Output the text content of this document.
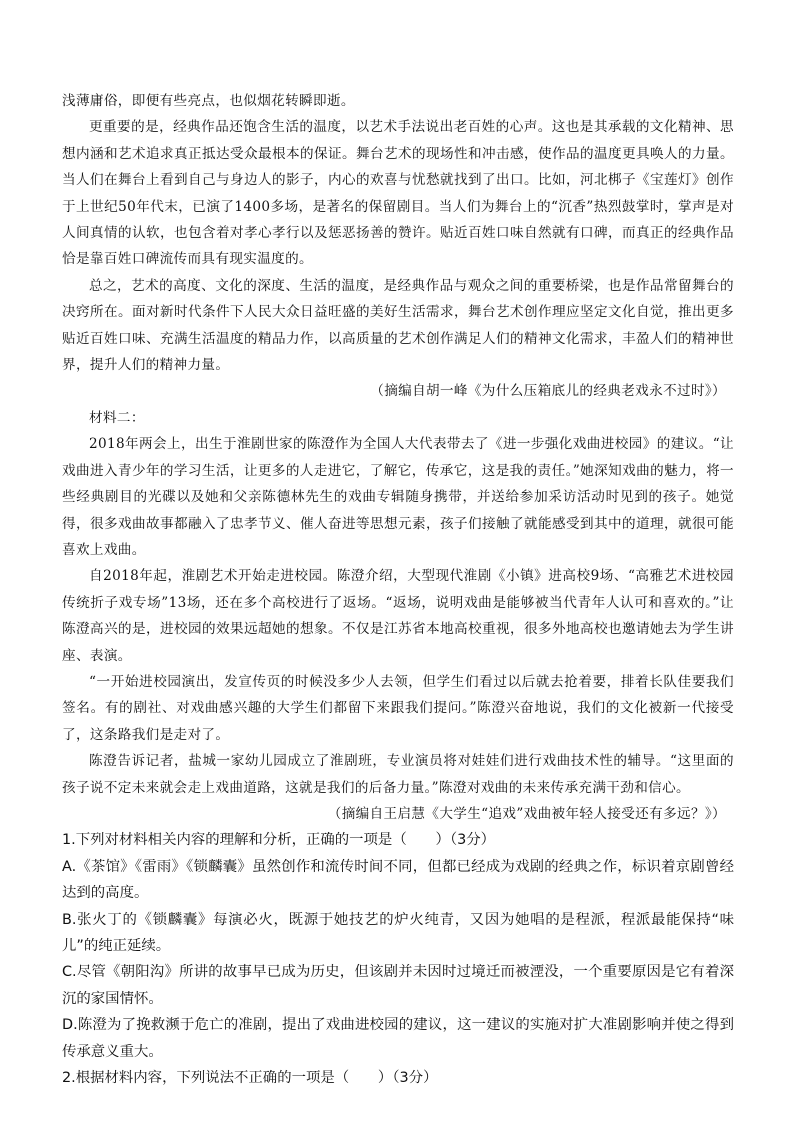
浅薄庸俗，即便有些亮点，也似烟花转瞬即逝。

更重要的是，经典作品还饱含生活的温度，以艺术手法说出老百姓的心声。这也是其承载的文化精神、思想内涵和艺术追求真正抵达受众最根本的保证。舞台艺术的现场性和冲击感，使作品的温度更具唤人的力量。当人们在舞台上看到自己与身边人的影子，内心的欢喜与忧愁就找到了出口。比如，河北梆子《宝莲灯》创作于上世纪50年代末，已演了1400多场，是著名的保留剧目。当人们为舞台上的“沉香”热烈鼓掌时，掌声是对人间真情的认软，也包含着对孝心孝行以及惩恶扬善的赞许。贴近百姓口味自然就有口碑，而真正的经典作品恰是靠百姓口碑流传而具有现实温度的。

总之，艺术的高度、文化的深度、生活的温度，是经典作品与观众之间的重要桥梁，也是作品常留舞台的决窍所在。面对新时代条件下人民大众日益旺盛的美好生活需求，舞台艺术创作理应坚定文化自觉，推出更多贴近百姓口味、充满生活温度的精品力作，以高质量的艺术创作满足人们的精神文化需求，丰盈人们的精神世界，提升人们的精神力量。

（摘编自胡一峰《为什么压箱底儿的经典老戏永不过时》）

材料二：

2018年两会上，出生于淮剧世家的陈澄作为全国人大代表带去了《进一步强化戏曲进校园》的建议。“让戏曲进入青少年的学习生活，让更多的人走进它，了解它，传承它，这是我的责任。”她深知戏曲的魅力，将一些经典剧目的光碟以及她和父亲陈德林先生的戏曲专辑随身携带，并送给参加采访活动时见到的孩子。她觉得，很多戏曲故事都融入了忠孝节义、催人奋进等思想元素，孩子们接触了就能感受到其中的道理，就很可能喜欢上戏曲。

自2018年起，淮剧艺术开始走进校园。陈澄介绍，大型现代淮剧《小镇》进高校9场、“高雅艺术进校园传统折子戏专场”13场，还在多个高校进行了返场。“返场，说明戏曲是能够被当代青年人认可和喜欢的。”让陈澄高兴的是，进校园的效果远超她的想象。不仅是江苏省本地高校重视，很多外地高校也邀请她去为学生讲座、表演。

“一开始进校园演出，发宣传页的时候没多少人去领，但学生们看过以后就去抢着要，排着长队佳要我们签名。有的剧社、对戏曲感兴趣的大学生们都留下来跟我们提问。”陈澄兴奋地说，我们的文化被新一代接受了，这条路我们是走对了。

陈澄告诉记者，盐城一家幼儿园成立了淮剧班，专业演员将对娃娃们进行戏曲技术性的辅导。“这里面的孩子说不定未来就会走上戏曲道路，这就是我们的后备力量。”陈澄对戏曲的未来传承充满干劲和信心。

（摘编自王启慧《大学生“追戏”戏曲被年轻人接受还有多远？》）

1.下列对材料相关内容的理解和分析，正确的一项是（　　）（3分）

A.《茶馆》《雷雨》《锁麟囊》虽然创作和流传时间不同，但都已经成为戏剧的经典之作，标识着京剧曾经达到的高度。

B.张火丁的《锁麟囊》每演必火，既源于她技艺的炉火纯青，又因为她唱的是程派，程派最能保持“味儿”的纯正延续。

C.尽管《朝阳沟》所讲的故事早已成为历史，但该剧并未因时过境迁而被湮没，一个重要原因是它有着深沉的家国情怀。

D.陈澄为了挽救濒于危亡的准剧，提出了戏曲进校园的建议，这一建议的实施对扩大准剧影响并使之得到传承意义重大。

2.根据材料内容，下列说法不正确的一项是（　　）（3分）
